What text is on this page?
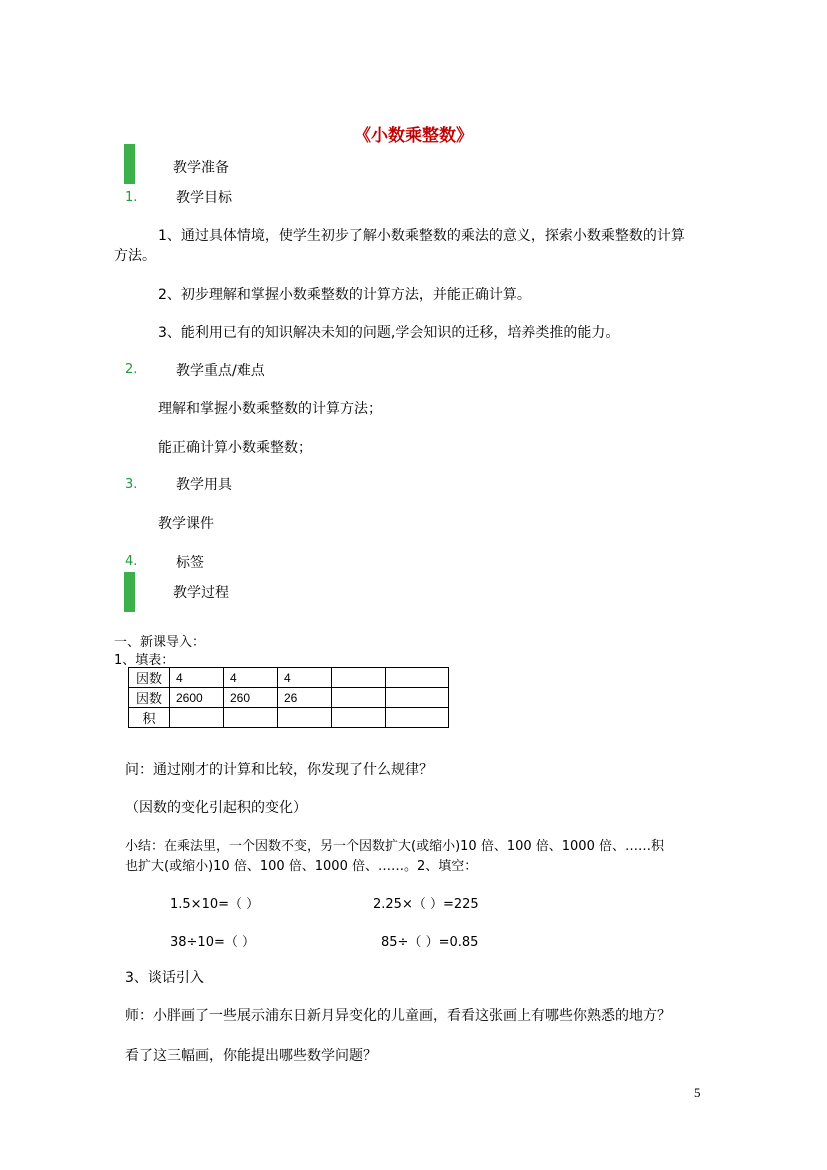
《小数乘整数》
教学准备
1.	教学目标
1、通过具体情境，使学生初步了解小数乘整数的乘法的意义，探索小数乘整数的计算
方法。
2、初步理解和掌握小数乘整数的计算方法，并能正确计算。
3、能利用已有的知识解决未知的问题,学会知识的迁移，培养类推的能力。
2.	教学重点/难点
理解和掌握小数乘整数的计算方法；
能正确计算小数乘整数；
3.	教学用具
教学课件
4.	标签
教学过程
一、新课导入：
1、填表：
因数	4	4	4		
因数	2600	260	26		
积					
问：通过刚才的计算和比较，你发现了什么规律？
（因数的变化引起积的变化）
小结：在乘法里，一个因数不变，另一个因数扩大(或缩小)10 倍、100 倍、1000 倍、……积
也扩大(或缩小)10 倍、100 倍、1000 倍、……。2、填空：
1.5×10=（ ）	2.25×（ ）=225
38÷10=（ ）	85÷（ ）=0.85
3、谈话引入
师：小胖画了一些展示浦东日新月异变化的儿童画，看看这张画上有哪些你熟悉的地方？
看了这三幅画，你能提出哪些数学问题？
5
